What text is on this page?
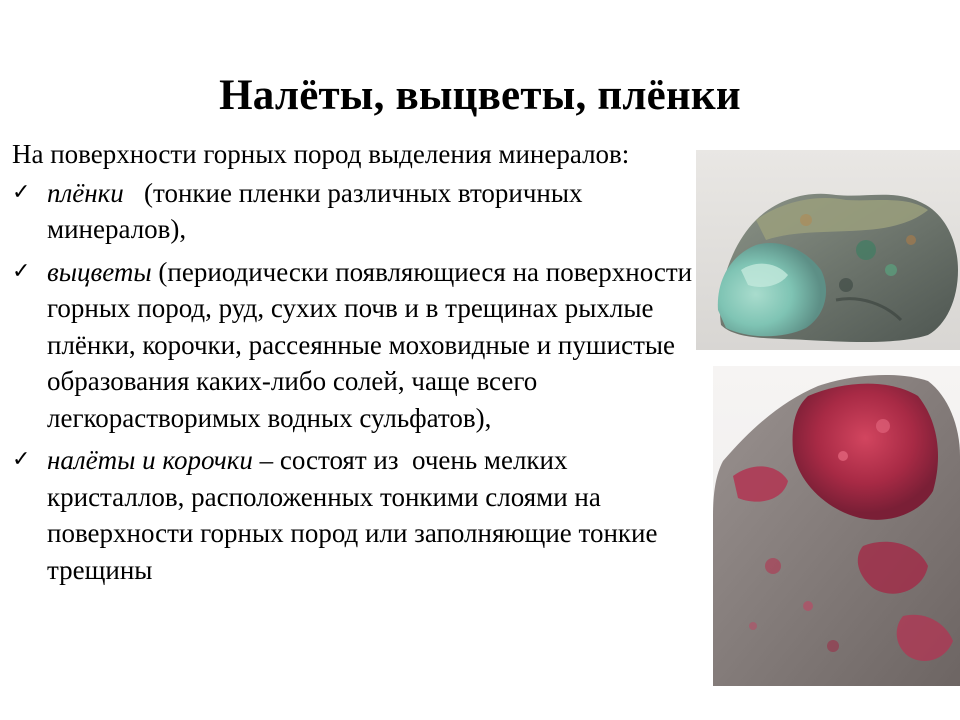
Налёты, выцветы, плёнки

На поверхности горных пород выделения минералов:

✓ плёнки   (тонкие пленки различных вторичных минералов),
✓ выцветы (периодически появляющиеся на поверхности горных пород, руд, сухих почв и в трещинах рыхлые плёнки, корочки, рассеянные моховидные и пушистые образования каких-либо солей, чаще всего легкорастворимых водных сульфатов),
✓ налёты и корочки – состоят из  очень мелких кристаллов, расположенных тонкими слоями на поверхности горных пород или заполняющие тонкие трещины
